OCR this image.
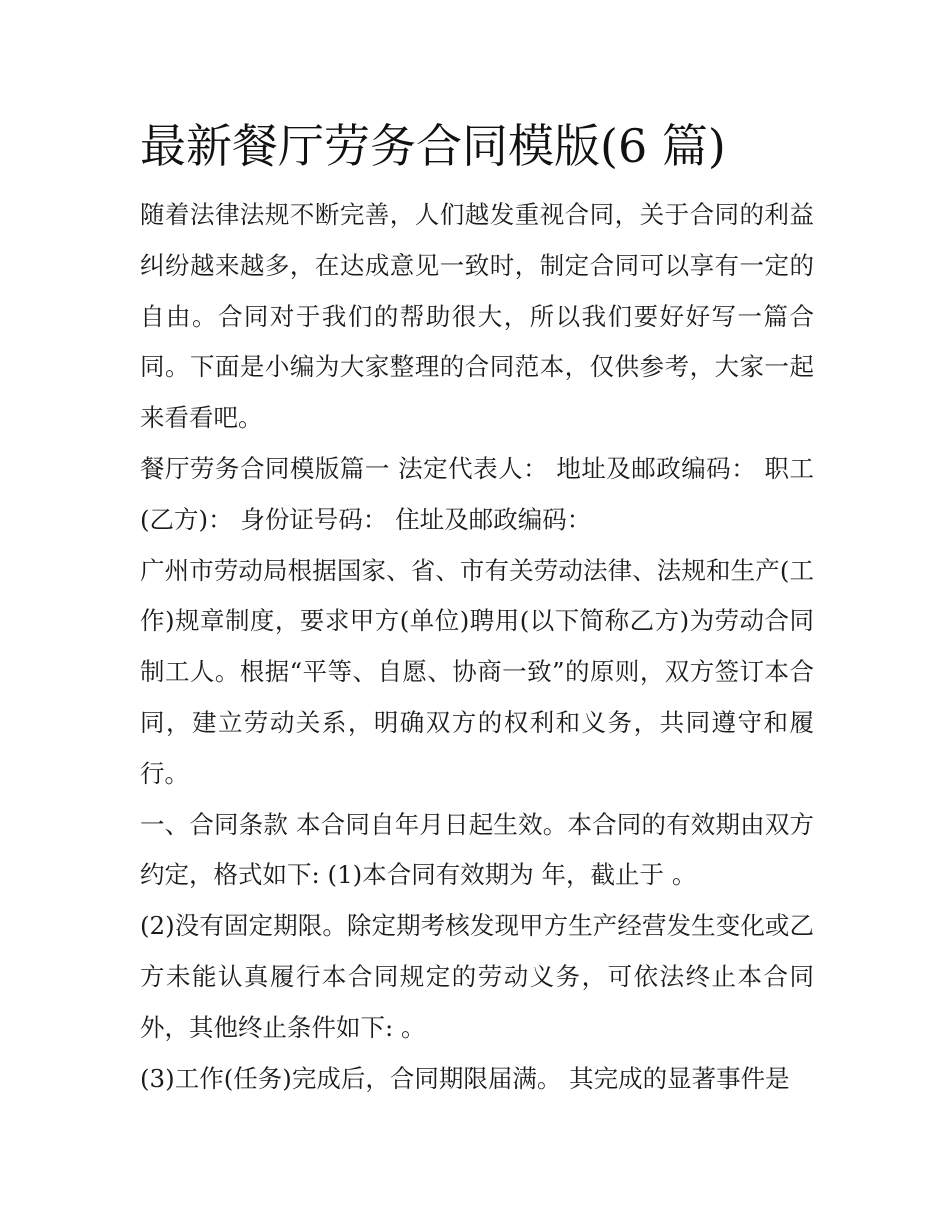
最新餐厅劳务合同模版(6 篇)

随着法律法规不断完善，人们越发重视合同，关于合同的利益纠纷越来越多，在达成意见一致时，制定合同可以享有一定的自由。合同对于我们的帮助很大，所以我们要好好写一篇合同。下面是小编为大家整理的合同范本，仅供参考，大家一起来看看吧。

餐厅劳务合同模版篇一 法定代表人： 地址及邮政编码： 职工(乙方)： 身份证号码： 住址及邮政编码：

广州市劳动局根据国家、省、市有关劳动法律、法规和生产(工作)规章制度，要求甲方(单位)聘用(以下简称乙方)为劳动合同制工人。根据“平等、自愿、协商一致”的原则，双方签订本合同，建立劳动关系，明确双方的权利和义务，共同遵守和履行。

一、合同条款 本合同自年月日起生效。本合同的有效期由双方约定，格式如下: (1)本合同有效期为 年，截止于 。

(2)没有固定期限。除定期考核发现甲方生产经营发生变化或乙方未能认真履行本合同规定的劳动义务，可依法终止本合同外，其他终止条件如下: 。

(3)工作(任务)完成后，合同期限届满。 其完成的显著事件是
